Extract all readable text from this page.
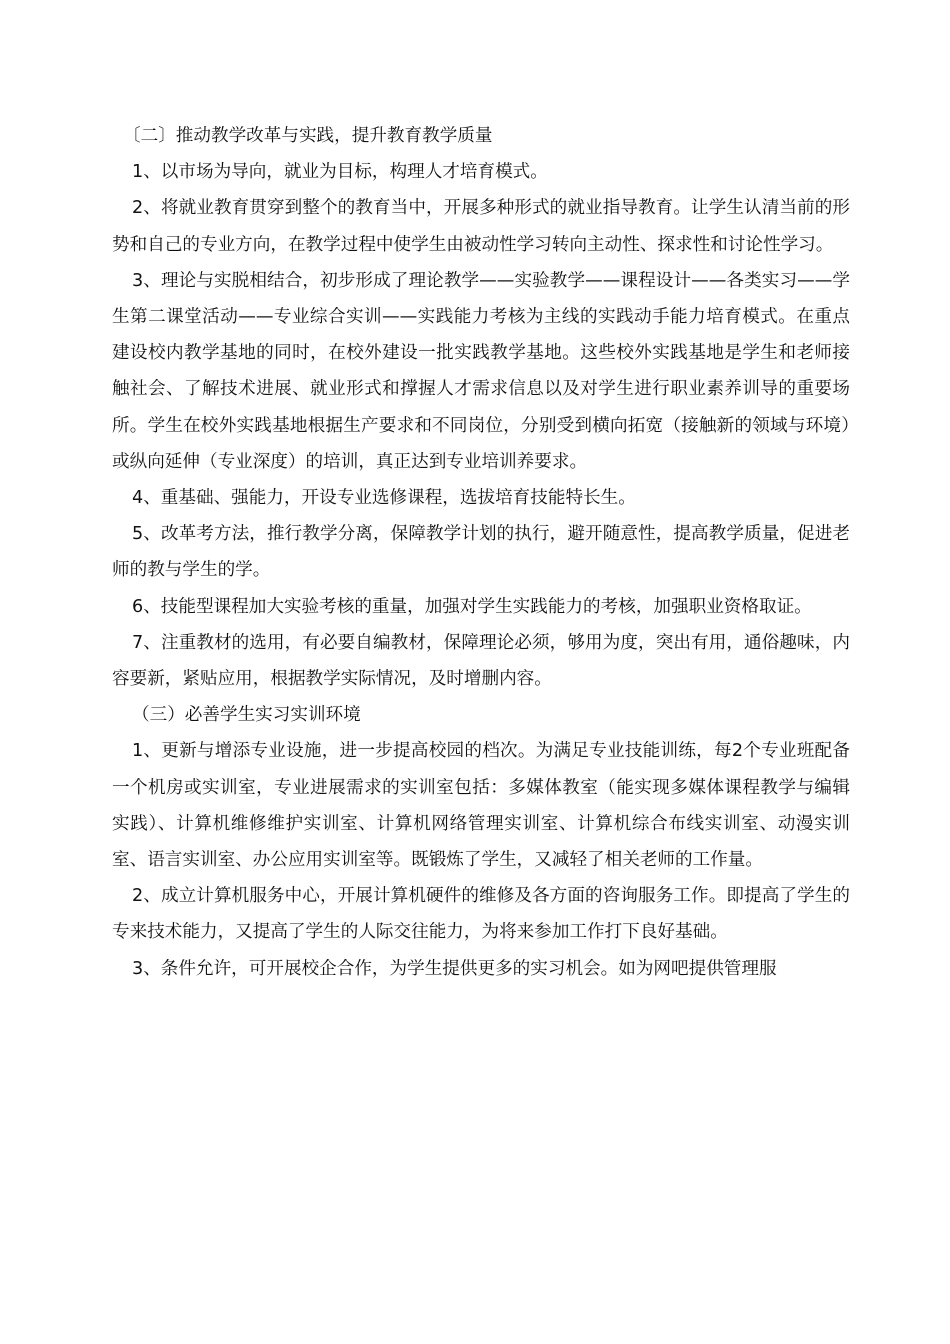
〔二〕推动教学改革与实践，提升教育教学质量

1、以市场为导向，就业为目标，构理人才培育模式。

2、将就业教育贯穿到整个的教育当中，开展多种形式的就业指导教育。让学生认清当前的形势和自己的专业方向，在教学过程中使学生由被动性学习转向主动性、探求性和讨论性学习。

3、理论与实脱相结合，初步形成了理论教学——实验教学——课程设计——各类实习——学生第二课堂活动——专业综合实训——实践能力考核为主线的实践动手能力培育模式。在重点建设校内教学基地的同时，在校外建设一批实践教学基地。这些校外实践基地是学生和老师接触社会、了解技术进展、就业形式和撑握人才需求信息以及对学生进行职业素养训导的重要场所。学生在校外实践基地根据生产要求和不同岗位，分别受到横向拓宽（接触新的领域与环境）或纵向延伸（专业深度）的培训，真正达到专业培训养要求。

4、重基础、强能力，开设专业选修课程，选拔培育技能特长生。

5、改革考方法，推行教学分离，保障教学计划的执行，避开随意性，提高教学质量，促进老师的教与学生的学。

6、技能型课程加大实验考核的重量，加强对学生实践能力的考核，加强职业资格取证。

7、注重教材的选用，有必要自编教材，保障理论必须，够用为度，突出有用，通俗趣味，内容要新，紧贴应用，根据教学实际情况，及时增删内容。

（三）必善学生实习实训环境

1、更新与增添专业设施，进一步提高校园的档次。为满足专业技能训练，每2个专业班配备一个机房或实训室，专业进展需求的实训室包括：多媒体教室（能实现多媒体课程教学与编辑实践）、计算机维修维护实训室、计算机网络管理实训室、计算机综合布线实训室、动漫实训室、语言实训室、办公应用实训室等。既锻炼了学生，又减轻了相关老师的工作量。

2、成立计算机服务中心，开展计算机硬件的维修及各方面的咨询服务工作。即提高了学生的专来技术能力，又提高了学生的人际交往能力，为将来参加工作打下良好基础。

3、条件允许，可开展校企合作，为学生提供更多的实习机会。如为网吧提供管理服
